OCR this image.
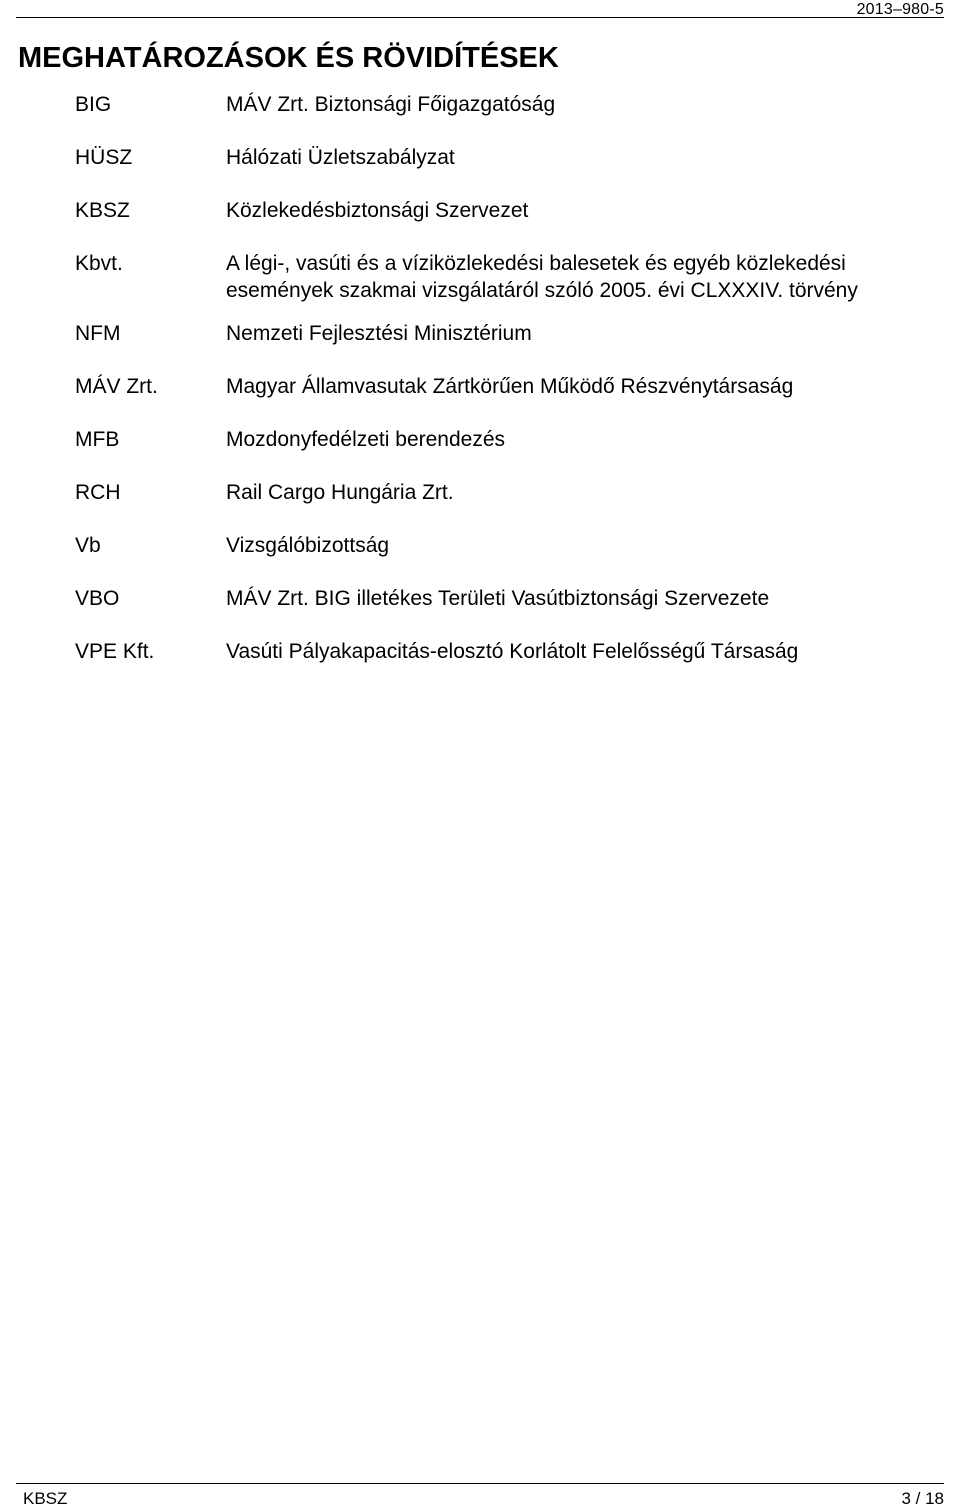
2013–980-5
MEGHATÁROZÁSOK ÉS RÖVIDÍTÉSEK
BIG	MÁV Zrt. Biztonsági Főigazgatóság
HÜSZ	Hálózati Üzletszabályzat
KBSZ	Közlekedésbiztonsági Szervezet
Kbvt.	A légi-, vasúti és a víziközlekedési balesetek és egyéb közlekedési események szakmai vizsgálatáról szóló 2005. évi CLXXXIV. törvény
NFM	Nemzeti Fejlesztési Minisztérium
MÁV Zrt.	Magyar Államvasutak Zártkörűen Működő Részvénytársaság
MFB	Mozdonyfedélzeti berendezés
RCH	Rail Cargo Hungária Zrt.
Vb	Vizsgálóbizottság
VBO	MÁV Zrt. BIG illetékes Területi Vasútbiztonsági Szervezete
VPE Kft.	Vasúti Pályakapacitás-elosztó Korlátolt Felelősségű Társaság
KBSZ	3 / 18
